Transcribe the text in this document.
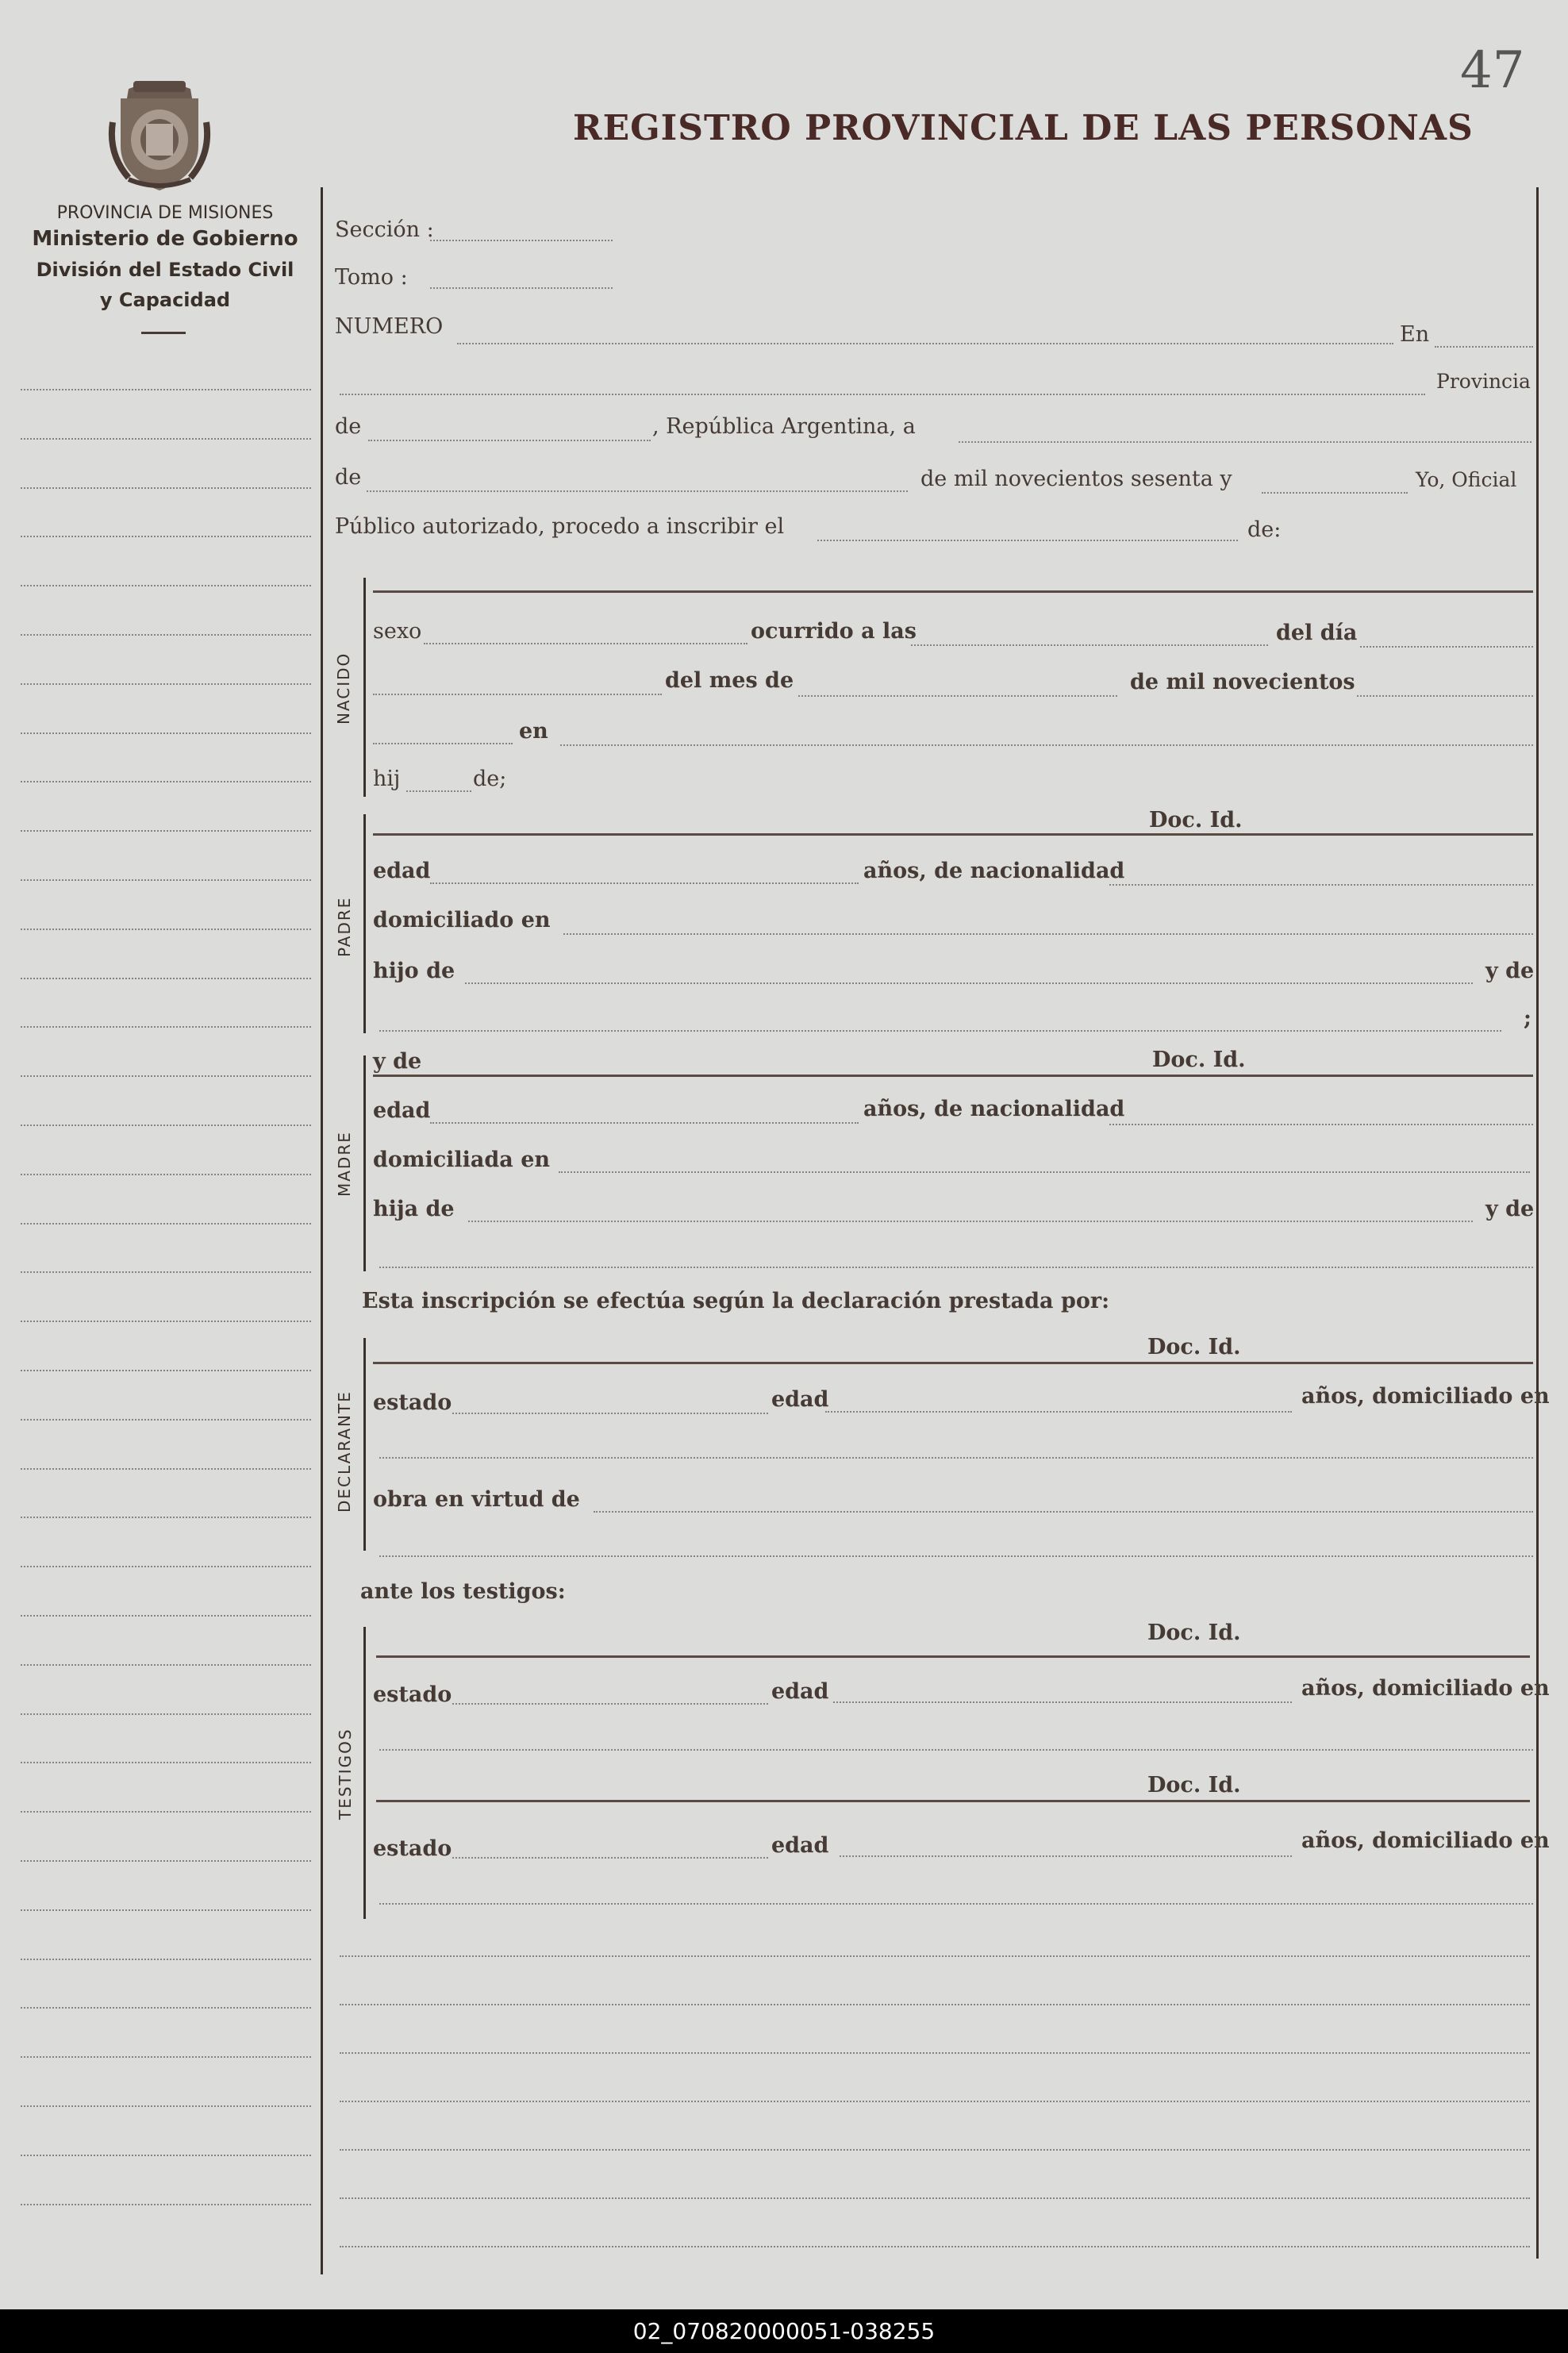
47
REGISTRO PROVINCIAL DE LAS PERSONAS
PROVINCIA DE MISIONES
Ministerio de Gobierno
División del Estado Civil
y Capacidad
Sección :
Tomo :
NUMERO	En
Provincia
de	, República Argentina, a
de	de mil novecientos sesenta y	Yo, Oficial
Público autorizado, procedo a inscribir el	de:
NACIDO
sexo	ocurrido a las	del día
del mes de	de mil novecientos
en
hij	de;
PADRE
Doc. Id.
edad	años, de nacionalidad
domiciliado en
hijo de	y de
;
MADRE
y de	Doc. Id.
edad	años, de nacionalidad
domiciliada en
hija de	y de
Esta inscripción se efectúa según la declaración prestada por:
DECLARANTE
Doc. Id.
estado	edad	años, domiciliado en
obra en virtud de
ante los testigos:
TESTIGOS
Doc. Id.
estado	edad	años, domiciliado en
Doc. Id.
estado	edad	años, domiciliado en
02_070820000051-038255
